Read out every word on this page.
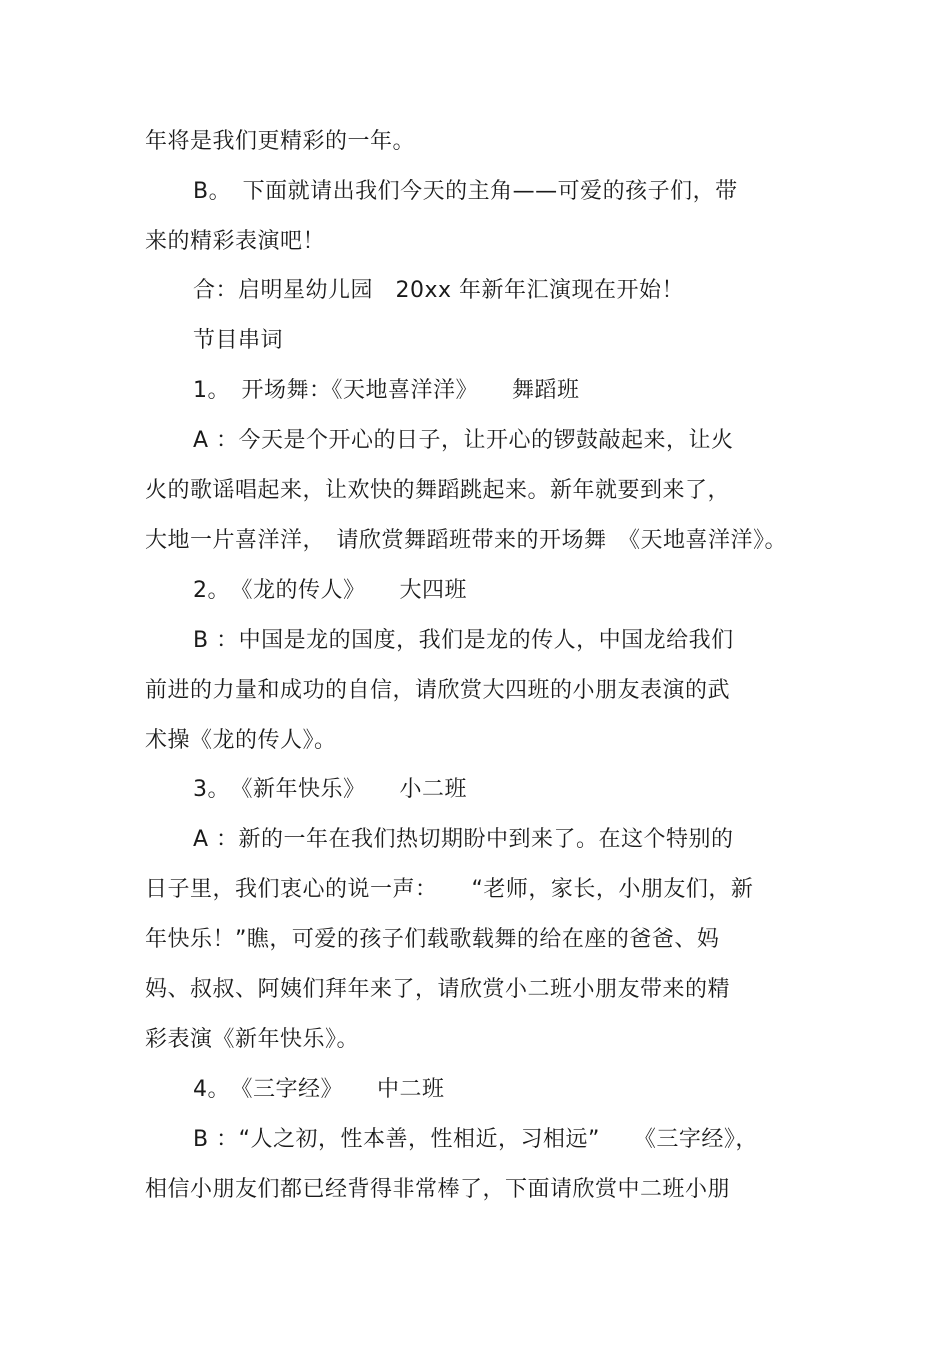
年将是我们更精彩的一年。
B。　下面就请出我们今天的主角——可爱的孩子们，带
来的精彩表演吧！
合：启明星幼儿园　20xx 年新年汇演现在开始！
节目串词
1。　开场舞：《天地喜洋洋》　　舞蹈班
A ：今天是个开心的日子，让开心的锣鼓敲起来，让火
火的歌谣唱起来，让欢快的舞蹈跳起来。新年就要到来了，
大地一片喜洋洋，　请欣赏舞蹈班带来的开场舞　《天地喜洋洋》。
2。　《龙的传人》　　大四班
B ：中国是龙的国度，我们是龙的传人，中国龙给我们
前进的力量和成功的自信，请欣赏大四班的小朋友表演的武
术操《龙的传人》。
3。　《新年快乐》　　小二班
A ：新的一年在我们热切期盼中到来了。在这个特别的
日子里，我们衷心的说一声：　　“老师，家长，小朋友们，新
年快乐！”瞧，可爱的孩子们载歌载舞的给在座的爸爸、妈
妈、叔叔、阿姨们拜年来了，请欣赏小二班小朋友带来的精
彩表演《新年快乐》。
4。　《三字经》　　中二班
B ：“人之初，性本善，性相近，习相远”　　《三字经》，
相信小朋友们都已经背得非常棒了，下面请欣赏中二班小朋
